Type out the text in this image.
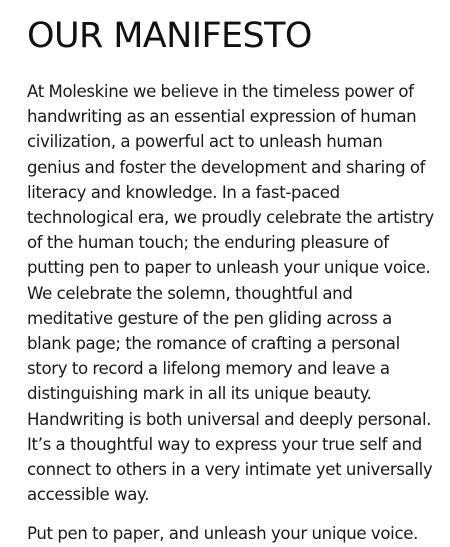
OUR MANIFESTO

At Moleskine we believe in the timeless power of handwriting as an essential expression of human civilization, a powerful act to unleash human genius and foster the development and sharing of literacy and knowledge. In a fast-paced technological era, we proudly celebrate the artistry of the human touch; the enduring pleasure of putting pen to paper to unleash your unique voice. We celebrate the solemn, thoughtful and meditative gesture of the pen gliding across a blank page; the romance of crafting a personal story to record a lifelong memory and leave a distinguishing mark in all its unique beauty. Handwriting is both universal and deeply personal. It’s a thoughtful way to express your true self and connect to others in a very intimate yet universally accessible way.

Put pen to paper, and unleash your unique voice.
